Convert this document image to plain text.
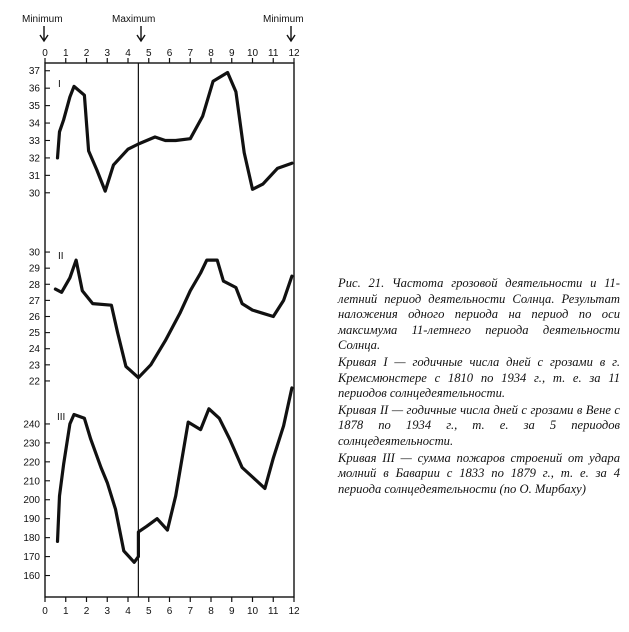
Minimum	Maximum	Minimum
0 1 2 3 4 5 6 7 8 9 10 11 12
0 1 2 3 4 5 6 7 8 9 10 11 12
30
31
32
33
34
35
36
37
I
22
23
24
25
26
27
28
29
30 II
160
170
180
190
200
210
220
230
240
III

Рис. 21. Частота грозовой деятельности и 11-летний период деятельности Солнца. Результат наложения одного периода на период по оси максимума 11-летнего периода деятельности Солнца.

Кривая I — годичные числа дней с грозами в г. Кремсмюнстере с 1810 по 1934 г., т. е. за 11 периодов солнцедеятельности.

Кривая II — годичные числа дней с грозами в Вене с 1878 по 1934 г., т. е. за 5 периодов солнцедеятельности.

Кривая III — сумма пожаров строений от удара молний в Баварии с 1833 по 1879 г., т. е. за 4 периода солнцедеятельности (по О. Мирбаху)
